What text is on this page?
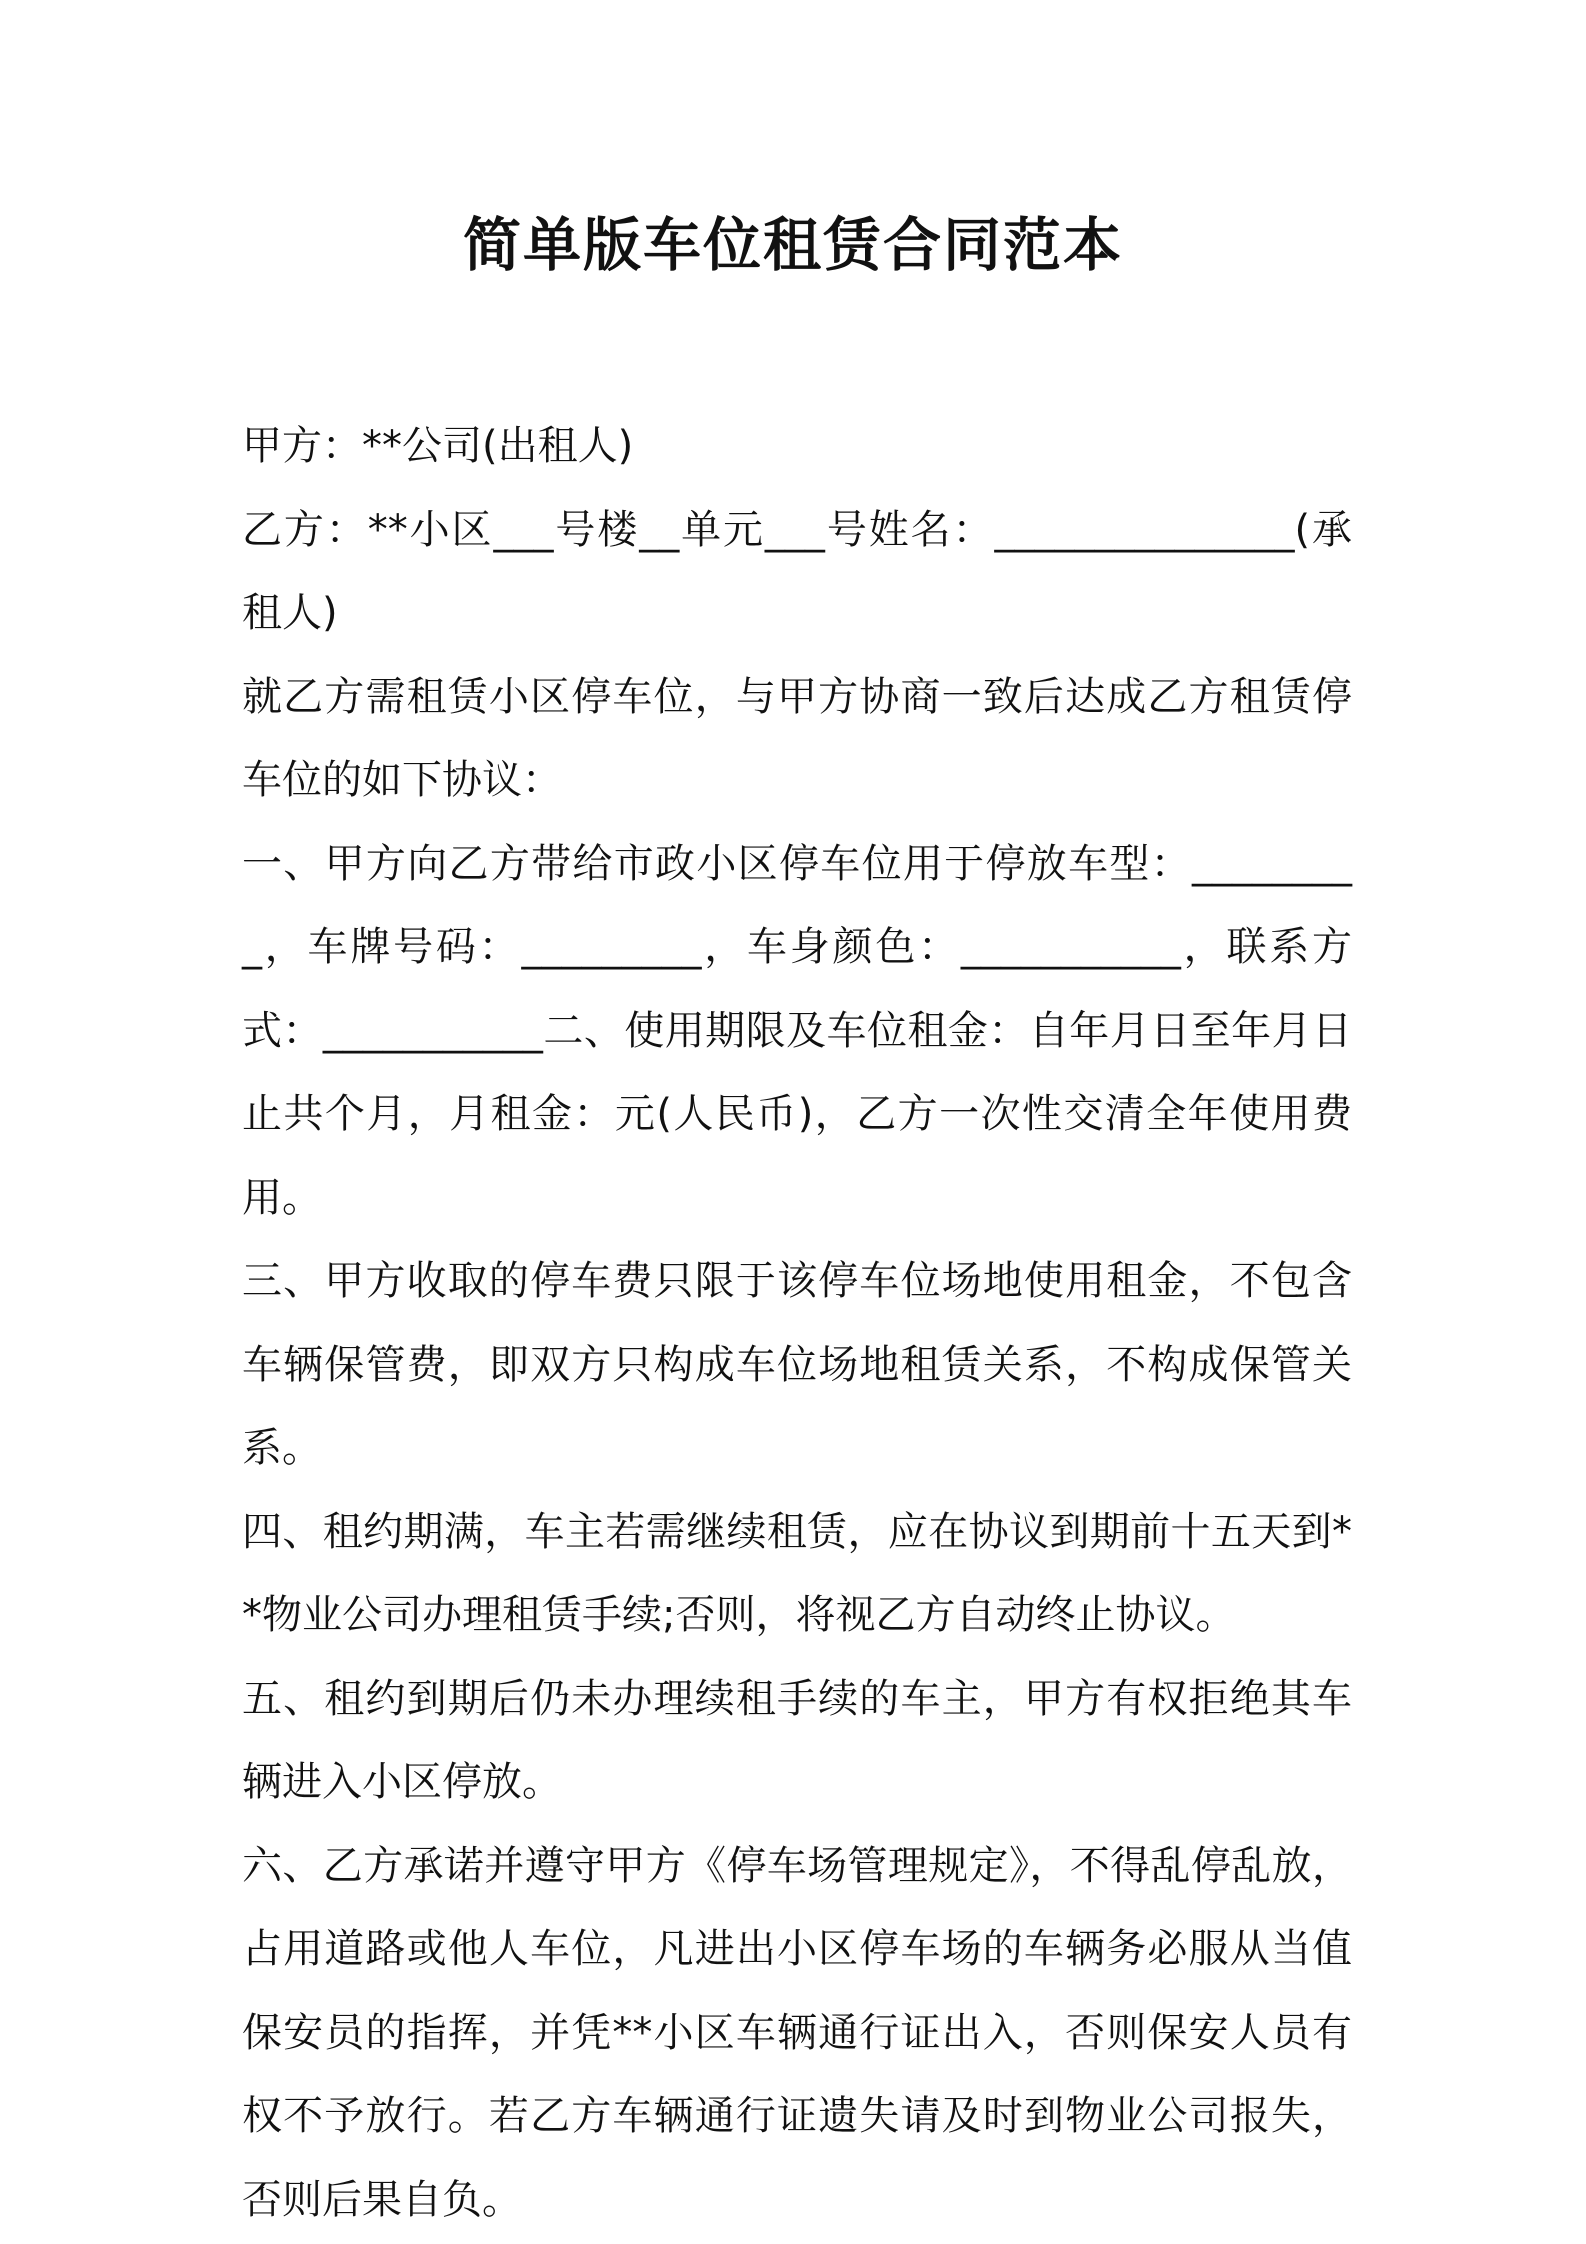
简单版车位租赁合同范本

甲方：**公司(出租人)

乙方：**小区___号楼__单元___号姓名：_______________(承租人)

就乙方需租赁小区停车位，与甲方协商一致后达成乙方租赁停车位的如下协议：

一、甲方向乙方带给市政小区停车位用于停放车型：_________，车牌号码：_________，车身颜色：___________，联系方式：___________二、使用期限及车位租金：自年月日至年月日止共个月，月租金：元(人民币)，乙方一次性交清全年使用费用。

三、甲方收取的停车费只限于该停车位场地使用租金，不包含车辆保管费，即双方只构成车位场地租赁关系，不构成保管关系。

四、租约期满，车主若需继续租赁，应在协议到期前十五天到**物业公司办理租赁手续;否则，将视乙方自动终止协议。

五、租约到期后仍未办理续租手续的车主，甲方有权拒绝其车辆进入小区停放。

六、乙方承诺并遵守甲方《停车场管理规定》，不得乱停乱放，占用道路或他人车位，凡进出小区停车场的车辆务必服从当值保安员的指挥，并凭**小区车辆通行证出入，否则保安人员有权不予放行。若乙方车辆通行证遗失请及时到物业公司报失，否则后果自负。
